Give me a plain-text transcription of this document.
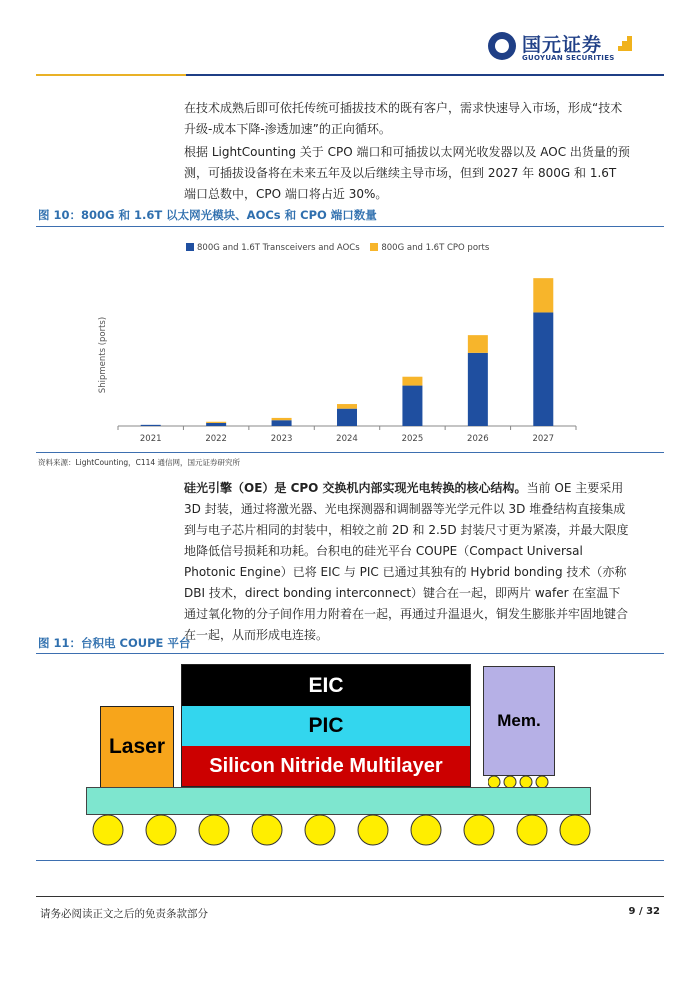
国元证券
GUOYUAN SECURITIES

在技术成熟后即可依托传统可插拔技术的既有客户，需求快速导入市场，形成“技术升级-成本下降-渗透加速”的正向循环。

根据 LightCounting 关于 CPO 端口和可插拔以太网光收发器以及 AOC 出货量的预测，可插拔设备将在未来五年及以后继续主导市场，但到 2027 年 800G 和 1.6T 端口总数中，CPO 端口将占近 30%。

图 10：800G 和 1.6T 以太网光模块、AOCs 和 CPO 端口数量
800G and 1.6T Transceivers and AOCs	800G and 1.6T CPO ports
Shipments (ports)
2021	2022	2023	2024	2025	2026	2027
资料来源：LightCounting，C114 通信网，国元证券研究所

硅光引擎（OE）是 CPO 交换机内部实现光电转换的核心结构。当前 OE 主要采用 3D 封装，通过将激光器、光电探测器和调制器等光学元件以 3D 堆叠结构直接集成到与电子芯片相同的封装中，相较之前 2D 和 2.5D 封装尺寸更为紧凑，并最大限度地降低信号损耗和功耗。台积电的硅光平台 COUPE（Compact Universal Photonic Engine）已将 EIC 与 PIC 已通过其独有的 Hybrid bonding 技术（亦称 DBI 技术，direct bonding interconnect）键合在一起，即两片 wafer 在室温下通过氧化物的分子间作用力附着在一起，再通过升温退火，铜发生膨胀并牢固地键合在一起，从而形成电连接。

图 11：台积电 COUPE 平台
EIC
PIC
Silicon Nitride Multilayer
Laser
Mem.
请务必阅读正文之后的免责条款部分	9 / 32
